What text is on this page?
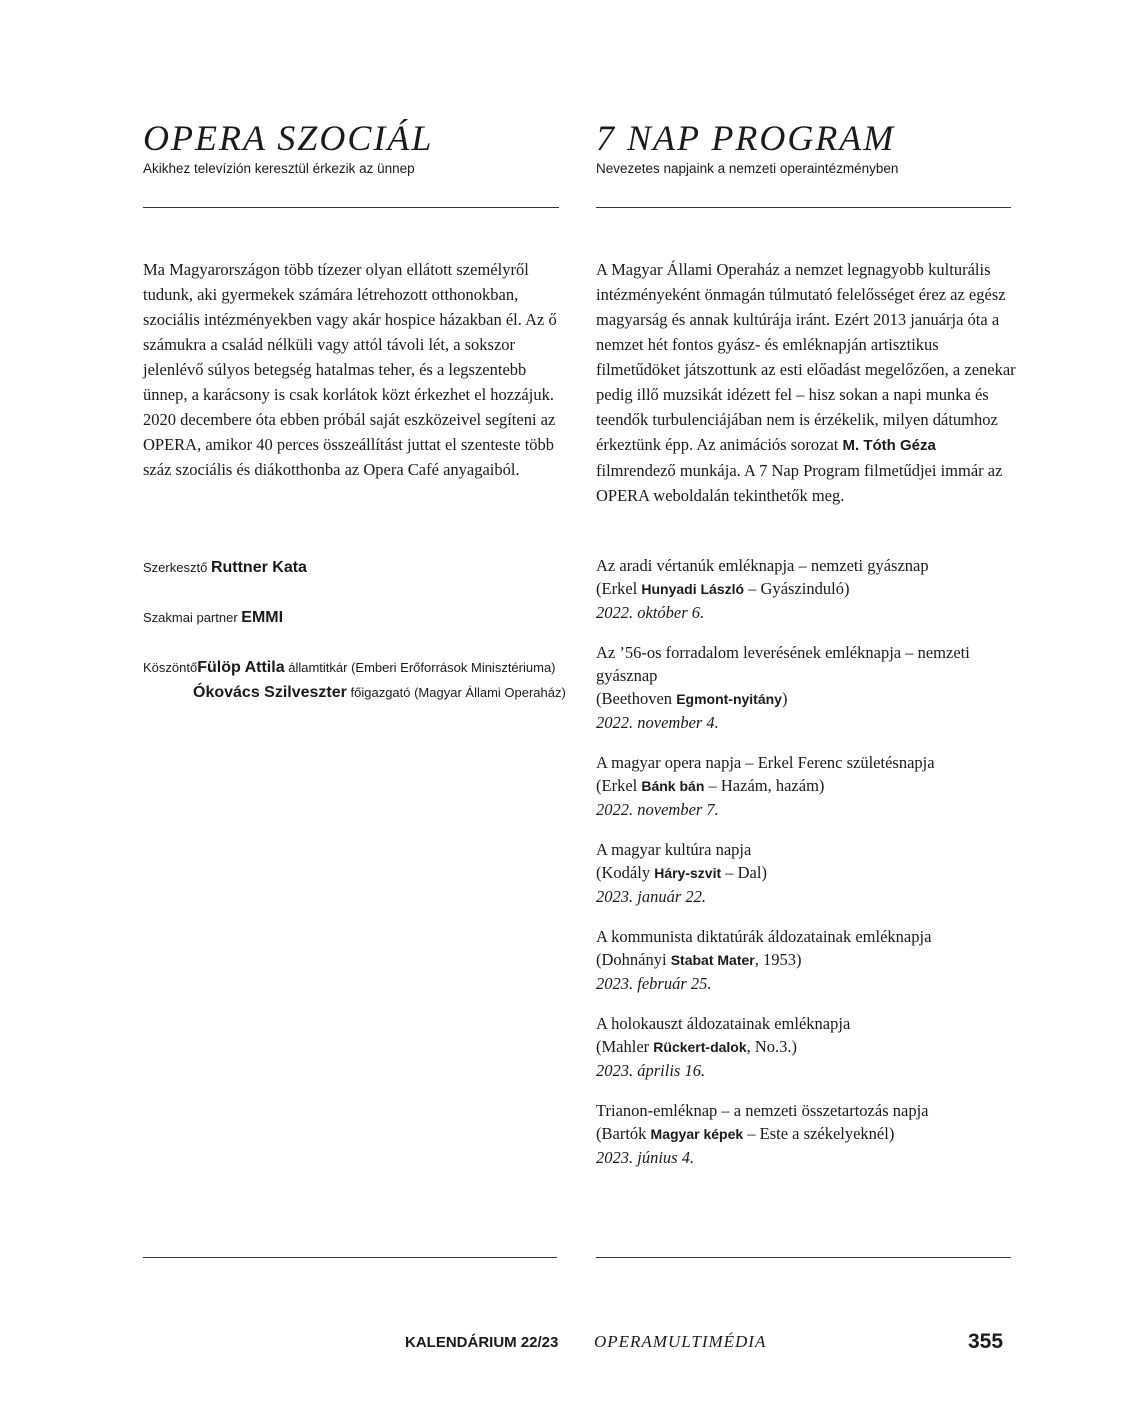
OPERA SZOCIÁL
Akikhez televízión keresztül érkezik az ünnep
7 NAP PROGRAM
Nevezetes napjaink a nemzeti operaintézményben

Ma Magyarországon több tízezer olyan ellátott személyről tudunk, aki gyermekek számára létrehozott otthonokban, szociális intézményekben vagy akár hospice házakban él. Az ő számukra a család nélküli vagy attól távoli lét, a sokszor jelenlévő súlyos betegség hatalmas teher, és a legszentebb ünnep, a karácsony is csak korlátok közt érkezhet el hozzájuk. 2020 decembere óta ebben próbál saját eszközeivel segíteni az OPERA, amikor 40 perces összeállítást juttat el szenteste több száz szociális és diákotthonba az Opera Café anyagaiból.

Szerkesztő Ruttner Kata
Szakmai partner EMMI
KöszöntőFülöp Attila államtitkár (Emberi Erőforrások Minisztériuma)
Ókovács Szilveszter főigazgató (Magyar Állami Operaház)

A Magyar Állami Operaház a nemzet legnagyobb kulturális intézményeként önmagán túlmutató felelősséget érez az egész magyarság és annak kultúrája iránt. Ezért 2013 januárja óta a nemzet hét fontos gyász- és emléknapján artisztikus filmetűdöket játszottunk az esti előadást megelőzően, a zenekar pedig illő muzsikát idézett fel – hisz sokan a napi munka és teendők turbulenciájában nem is érzékelik, milyen dátumhoz érkeztünk épp. Az animációs sorozat M. Tóth Géza filmrendező munkája. A 7 Nap Program filmetűdjei immár az OPERA weboldalán tekinthetők meg.

Az aradi vértanúk emléknapja – nemzeti gyásznap
(Erkel Hunyadi László – Gyászinduló)
2022. október 6.
Az ’56-os forradalom leverésének emléknapja – nemzeti gyásznap
(Beethoven Egmont-nyitány)
2022. november 4.
A magyar opera napja – Erkel Ferenc születésnapja
(Erkel Bánk bán – Hazám, hazám)
2022. november 7.
A magyar kultúra napja
(Kodály Háry-szvit – Dal)
2023. január 22.
A kommunista diktatúrák áldozatainak emléknapja
(Dohnányi Stabat Mater, 1953)
2023. február 25.
A holokauszt áldozatainak emléknapja
(Mahler Rückert-dalok, No.3.)
2023. április 16.
Trianon-emléknap – a nemzeti összetartozás napja
(Bartók Magyar képek – Este a székelyeknél)
2023. június 4.
KALENDÁRIUM 22/23 OPERAMULTIMÉDIA	355
